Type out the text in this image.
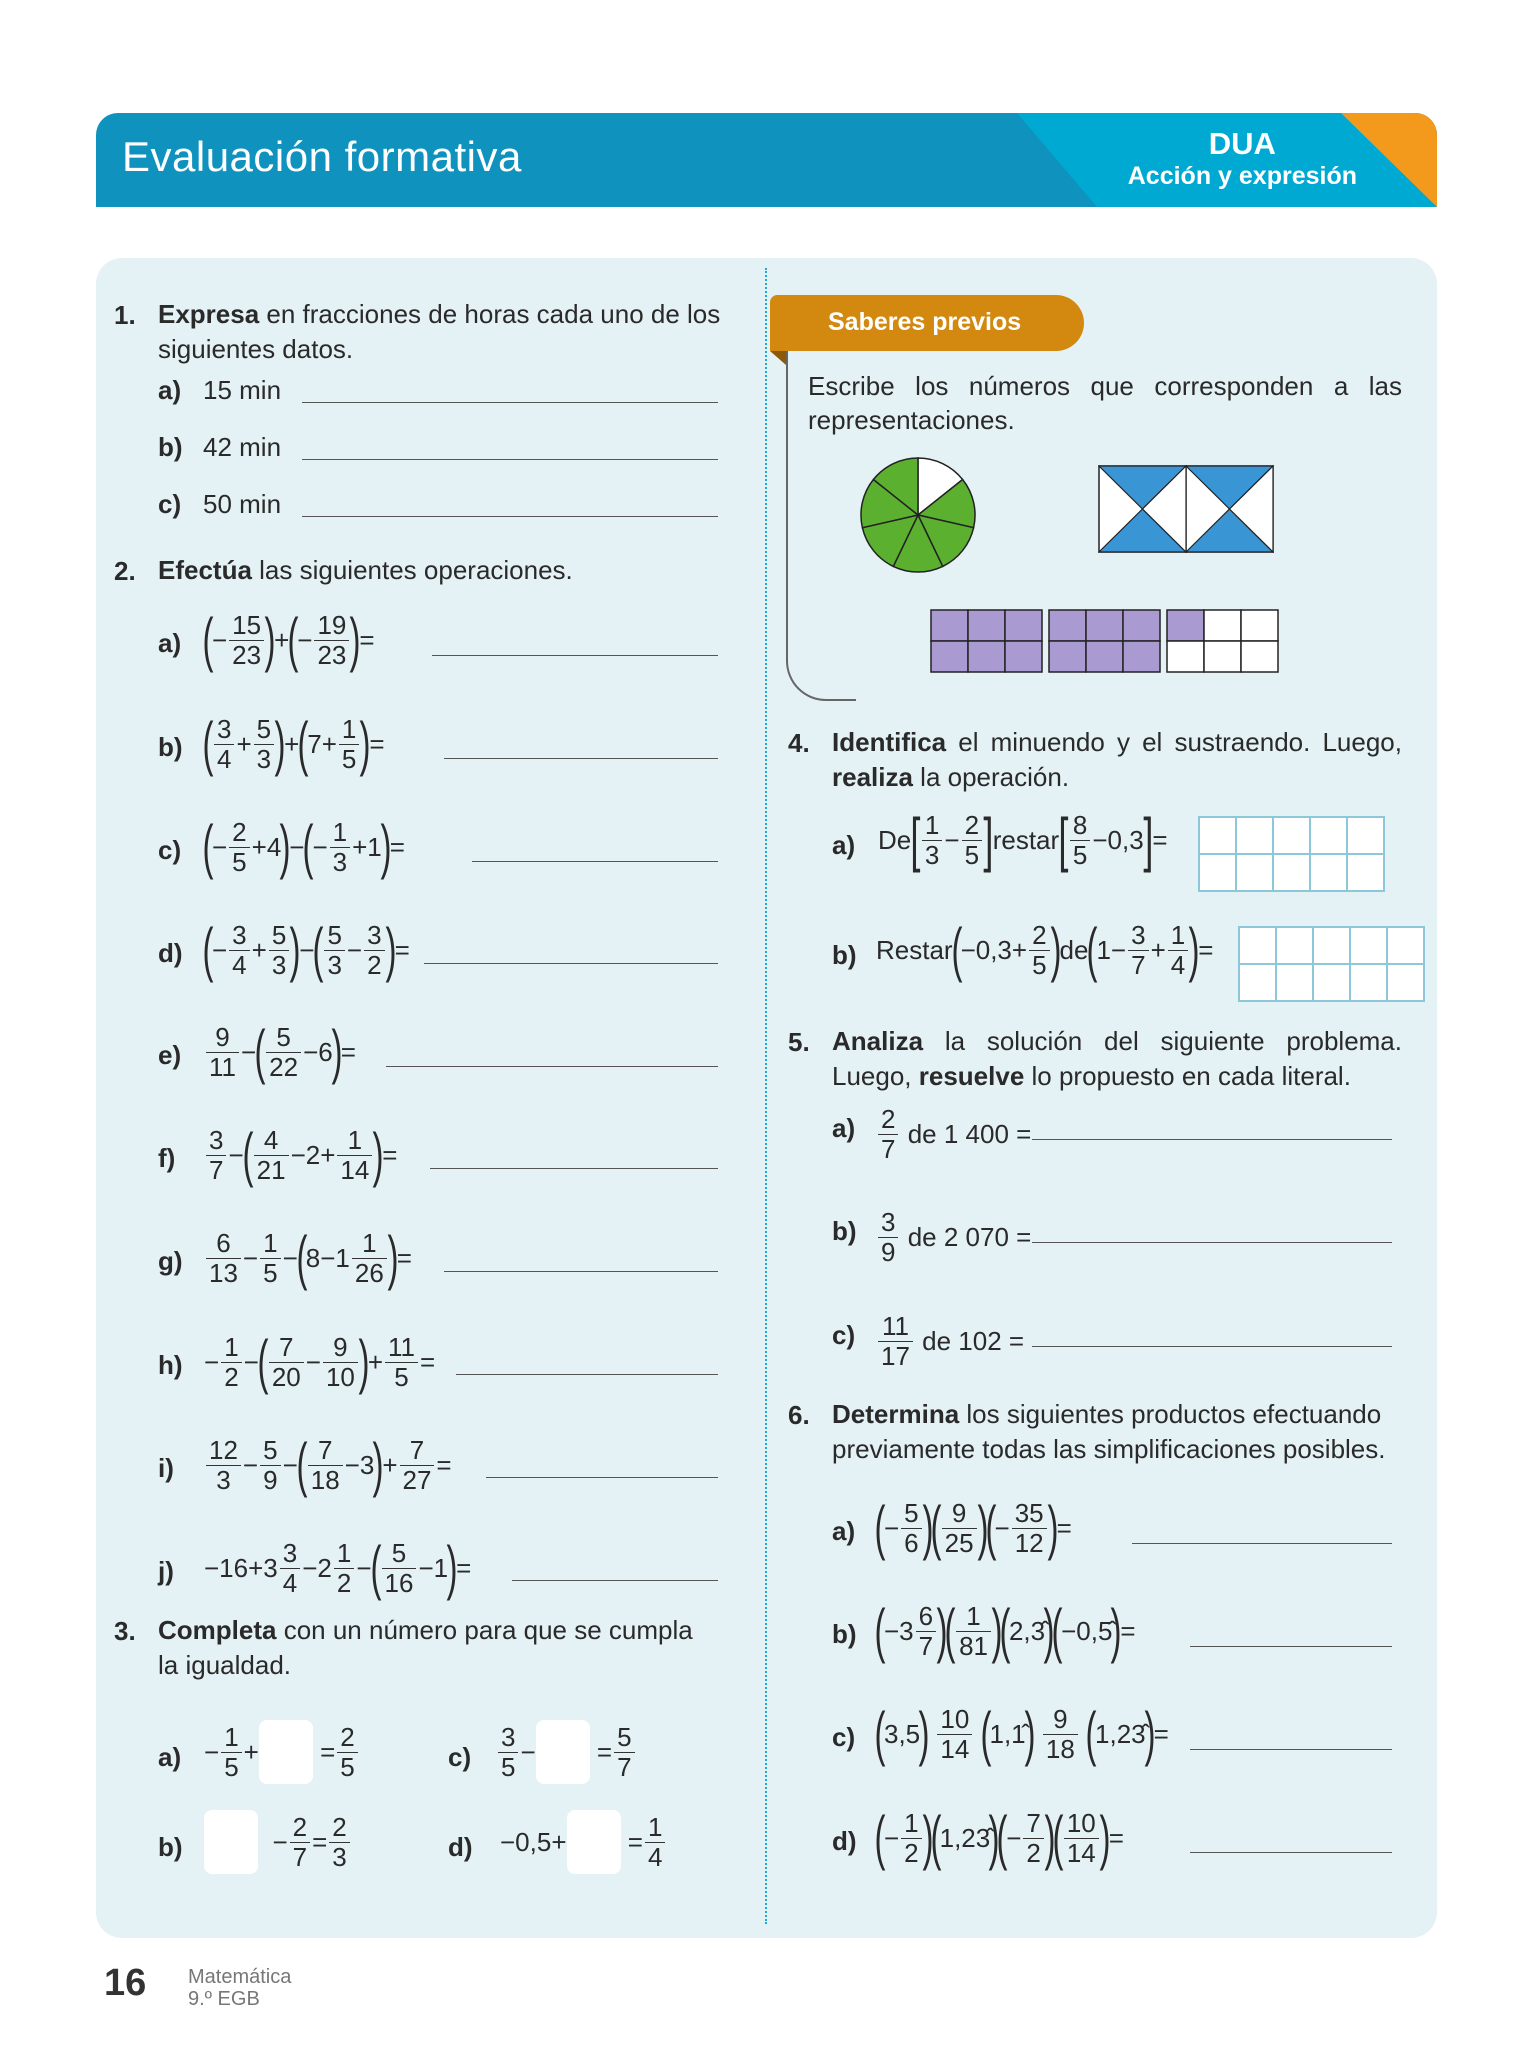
Evaluación formativa	DUA
Acción y expresión
1. Expresa en fracciones de horas cada uno de los
siguientes datos.
a) 15 min
b) 42 min
c) 50 min
2. Efectúa las siguientes operaciones.
a) (
− $\frac{15}{23}$ )
+
(
− $\frac{19}{23}$ )
=
b) ( $\frac{3}{4} + \frac{5}{3}$ )
+
(
$7+ \frac{1}{5}$ )
=
c) (
− $\frac{2}{5} +4$
)
−
(
− $\frac{1}{3} +1$
)
=
d) (
− $\frac{3}{4} + \frac{5}{3}$ )
−
( $\frac{5}{3} - \frac{3}{2}$ )
=
$e) \frac{9}{11}$ −
( $\frac{5}{22} -6$
)
=
$f) \frac{3}{7}$ −
( $\frac{4}{21} -2+ \frac{1}{14}$ )
=
$g) \frac{6}{13} - \frac{1}{5}$ −
(
$8-1 \frac{1}{26}$ )
=
$h) - \frac{1}{2}$ −
( $\frac{7}{20} - \frac{9}{10}$ )
+ $\frac{11}{5}$ =
$i) \frac{12}{3} - \frac{5}{9}$ −
( $\frac{7}{18} -3$
)
+ $\frac{7}{27}$ =
$j) -16+3 \frac{3}{4} -2 \frac{1}{2}$ −
( $\frac{5}{16} -1$
)
=
3. Completa con un número para que se cumpla
la igualdad.
$a) - \frac{1}{5}$ +
= $\frac{2}{5}$	$c) \frac{3}{5}$ −
= $\frac{5}{7}$
b)	− $\frac{2}{7} = \frac{2}{3}$	d) −0,5+
= $\frac{1}{4}$
Saberes previos
Escribe los números que corresponden a las
representaciones.
4. Identifica el minuendo y el sustraendo. Luego,
realiza la operación.
a) De [ $\frac{1}{3} - \frac{2}{5}$ ] restar [ $\frac{8}{5} -0,3$ ] =
b) Restar
(
$-0,3+ \frac{2}{5}$ )
de
(
$1- \frac{3}{7} + \frac{1}{4}$ )
=
5. Analiza la solución del siguiente problema.
Luego, resuelve lo propuesto en cada literal.
$a) \frac{2}{7}$
de 1 400 =
$b) \frac{3}{9}$
de 2 070 =
$c) \frac{11}{17}$
de 102 =
6. Determina los siguientes productos efectuando
previamente todas las simplificaciones posibles.
a) (
− $\frac{5}{6}$ )
( $\frac{9}{25}$ )
(
− $\frac{35}{12}$ )
=
b) (
$-3 \frac{6}{7}$ )
( $\frac{1}{81}$ )
(
2,3̂
)
(
−0,5̂
)
=
c) (
3,5
)
$\frac{10}{14}$
(
1,1̂
)
$\frac{9}{18}$
(
1,23̂
)
=
d) (
− $\frac{1}{2}$ )
(
1,23̂
)
(
− $\frac{7}{2}$ )
( $\frac{10}{14}$ )
=
16 Matemática
9.º EGB
